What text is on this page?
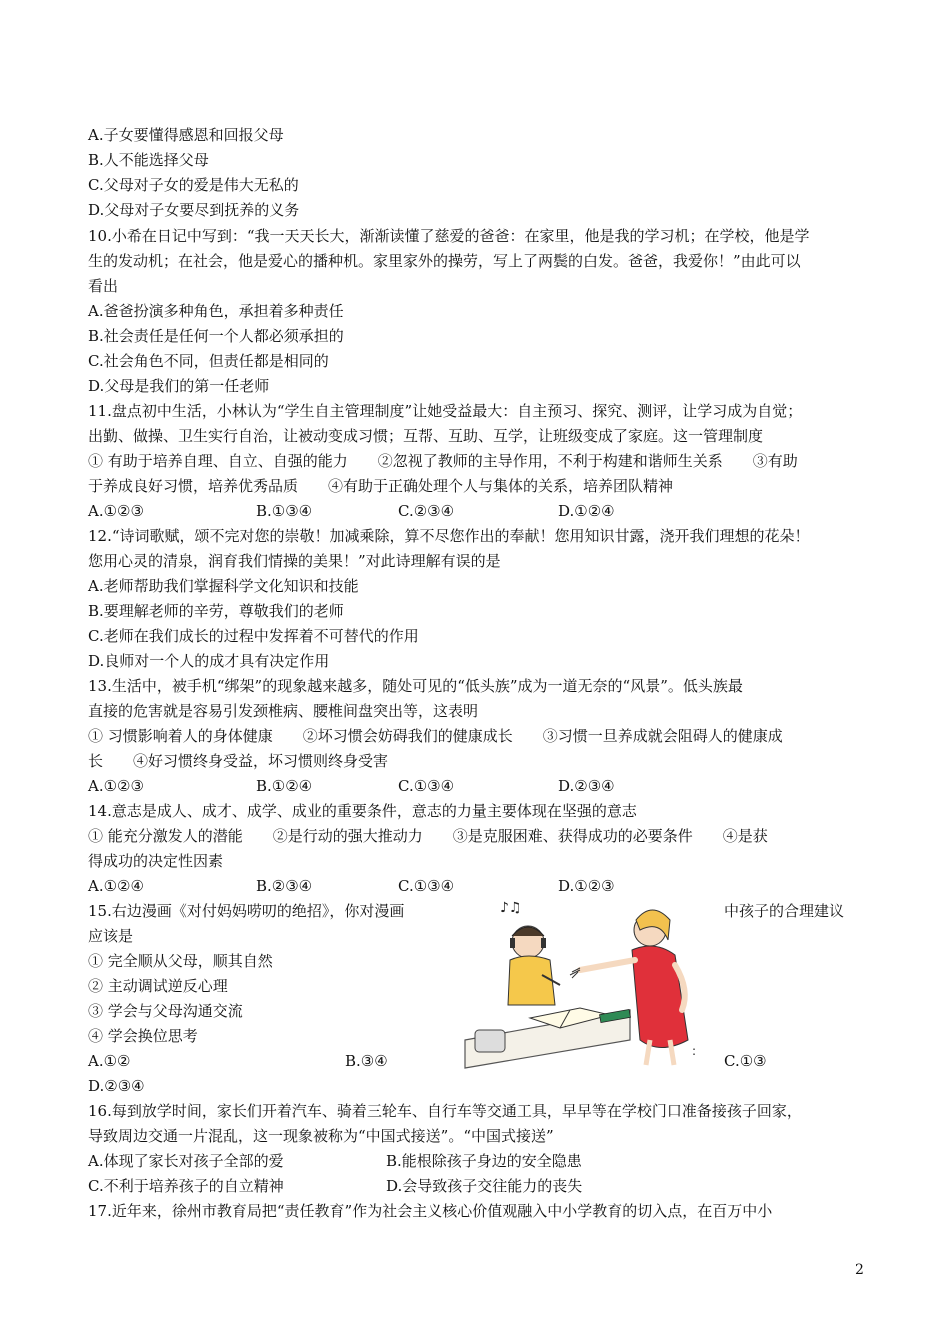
A.子女要懂得感恩和回报父母
B.人不能选择父母
C.父母对子女的爱是伟大无私的
D.父母对子女要尽到抚养的义务
10.小希在日记中写到：“我一天天长大，渐渐读懂了慈爱的爸爸：在家里，他是我的学习机；在学校，他是学
生的发动机；在社会，他是爱心的播种机。家里家外的操劳，写上了两鬓的白发。爸爸，我爱你！”由此可以
看出
A.爸爸扮演多种角色，承担着多种责任
B.社会责任是任何一个人都必须承担的
C.社会角色不同，但责任都是相同的
D.父母是我们的第一任老师
11.盘点初中生活，小林认为“学生自主管理制度”让她受益最大：自主预习、探究、测评，让学习成为自觉；
出勤、做操、卫生实行自治，让被动变成习惯；互帮、互助、互学，让班级变成了家庭。这一管理制度
① 有助于培养自理、自立、自强的能力　　②忽视了教师的主导作用，不利于构建和谐师生关系　　③有助
于养成良好习惯，培养优秀品质　　④有助于正确处理个人与集体的关系，培养团队精神
A.①②③	B.①③④	C.②③④	D.①②④
12.“诗词歌赋，颂不完对您的崇敬！加减乘除，算不尽您作出的奉献！您用知识甘露，浇开我们理想的花朵！
您用心灵的清泉，润育我们情操的美果！”对此诗理解有误的是
A.老师帮助我们掌握科学文化知识和技能
B.要理解老师的辛劳，尊敬我们的老师
C.老师在我们成长的过程中发挥着不可替代的作用
D.良师对一个人的成才具有决定作用
13.生活中，被手机“绑架”的现象越来越多，随处可见的“低头族”成为一道无奈的“风景”。低头族最
直接的危害就是容易引发颈椎病、腰椎间盘突出等，这表明
① 习惯影响着人的身体健康　　②坏习惯会妨碍我们的健康成长　　③习惯一旦养成就会阻碍人的健康成
长　　④好习惯终身受益，坏习惯则终身受害
A.①②③	B.①②④	C.①③④	D.②③④
14.意志是成人、成才、成学、成业的重要条件，意志的力量主要体现在坚强的意志
① 能充分激发人的潜能　　②是行动的强大推动力　　③是克服困难、获得成功的必要条件　　④是获
得成功的决定性因素
A.①②④	B.②③④	C.①③④	D.①②③
15.右边漫画《对付妈妈唠叨的绝招》，你对漫画	中孩子的合理建议
应该是
① 完全顺从父母，顺其自然
② 主动调试逆反心理
③ 学会与父母沟通交流
④ 学会换位思考
A.①②	B.③④	C.①③
D.②③④
♪♫
:
16.每到放学时间，家长们开着汽车、骑着三轮车、自行车等交通工具，早早等在学校门口准备接孩子回家，
导致周边交通一片混乱，这一现象被称为“中国式接送”。“中国式接送”
A.体现了家长对孩子全部的爱	B.能根除孩子身边的安全隐患
C.不利于培养孩子的自立精神	D.会导致孩子交往能力的丧失
17.近年来，徐州市教育局把“责任教育”作为社会主义核心价值观融入中小学教育的切入点，在百万中小
2
